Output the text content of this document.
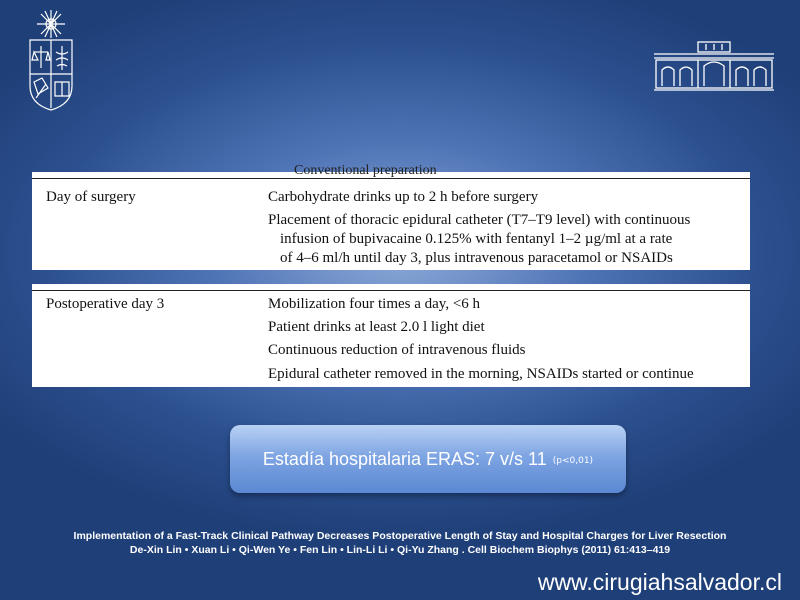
Conventional preparation
Day of surgery	Carbohydrate drinks up to 2 h before surgery
Placement of thoracic epidural catheter (T7–T9 level) with continuous
infusion of bupivacaine 0.125% with fentanyl 1–2 µg/ml at a rate
of 4–6 ml/h until day 3, plus intravenous paracetamol or NSAIDs
Postoperative day 3	Mobilization four times a day, <6 h
Patient drinks at least 2.0 l light diet
Continuous reduction of intravenous fluids
Epidural catheter removed in the morning, NSAIDs started or continue
Estadía hospitalaria ERAS: 7 v/s 11 (p<0,01)
Implementation of a Fast-Track Clinical Pathway Decreases Postoperative Length of Stay and Hospital Charges for Liver Resection
De-Xin Lin • Xuan Li • Qi-Wen Ye • Fen Lin • Lin-Li Li • Qi-Yu Zhang . Cell Biochem Biophys (2011) 61:413–419
www.cirugiahsalvador.cl
